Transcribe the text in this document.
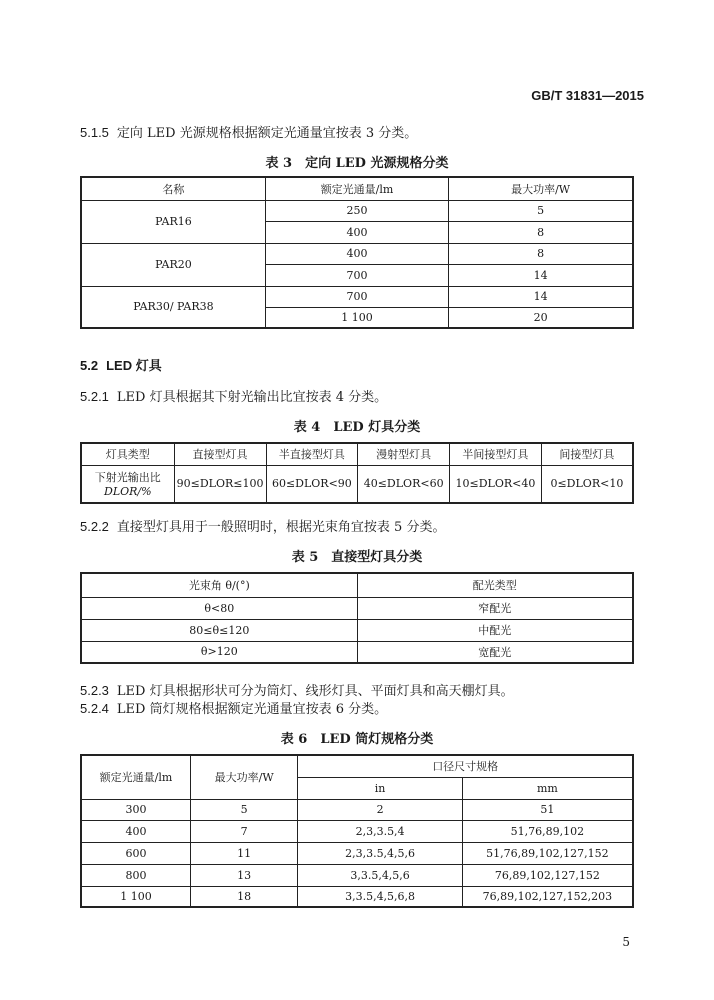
GB/T 31831—2015
5.1.5 定向 LED 光源规格根据额定光通量宜按表 3 分类。
表 3　定向 LED 光源规格分类
名称	额定光通量/lm	最大功率/W
PAR16	250	5
	400	8
PAR20	400	8
	700	14
PAR30/ PAR38	700	14
	1 100	20
5.2 LED 灯具
5.2.1 LED 灯具根据其下射光输出比宜按表 4 分类。
表 4　LED 灯具分类
灯具类型	直接型灯具	半直接型灯具	漫射型灯具	半间接型灯具	间接型灯具

下射光输出比
DLOR/%	90≤DLOR≤100	60≤DLOR<90	40≤DLOR<60	10≤DLOR<40	0≤DLOR<10
5.2.2 直接型灯具用于一般照明时，根据光束角宜按表 5 分类。
表 5　直接型灯具分类
光束角 θ/(°)	配光类型
θ<80	窄配光
80≤θ≤120	中配光
θ>120	宽配光
5.2.3 LED 灯具根据形状可分为筒灯、线形灯具、平面灯具和高天棚灯具。
5.2.4 LED 筒灯规格根据额定光通量宜按表 6 分类。
表 6　LED 筒灯规格分类
额定光通量/lm	最大功率/W	口径尺寸规格	
		in	mm
300	5	2	51
400	7	2,3,3.5,4	51,76,89,102
600	11	2,3,3.5,4,5,6	51,76,89,102,127,152
800	13	3,3.5,4,5,6	76,89,102,127,152
1 100	18	3,3.5,4,5,6,8	76,89,102,127,152,203
5
